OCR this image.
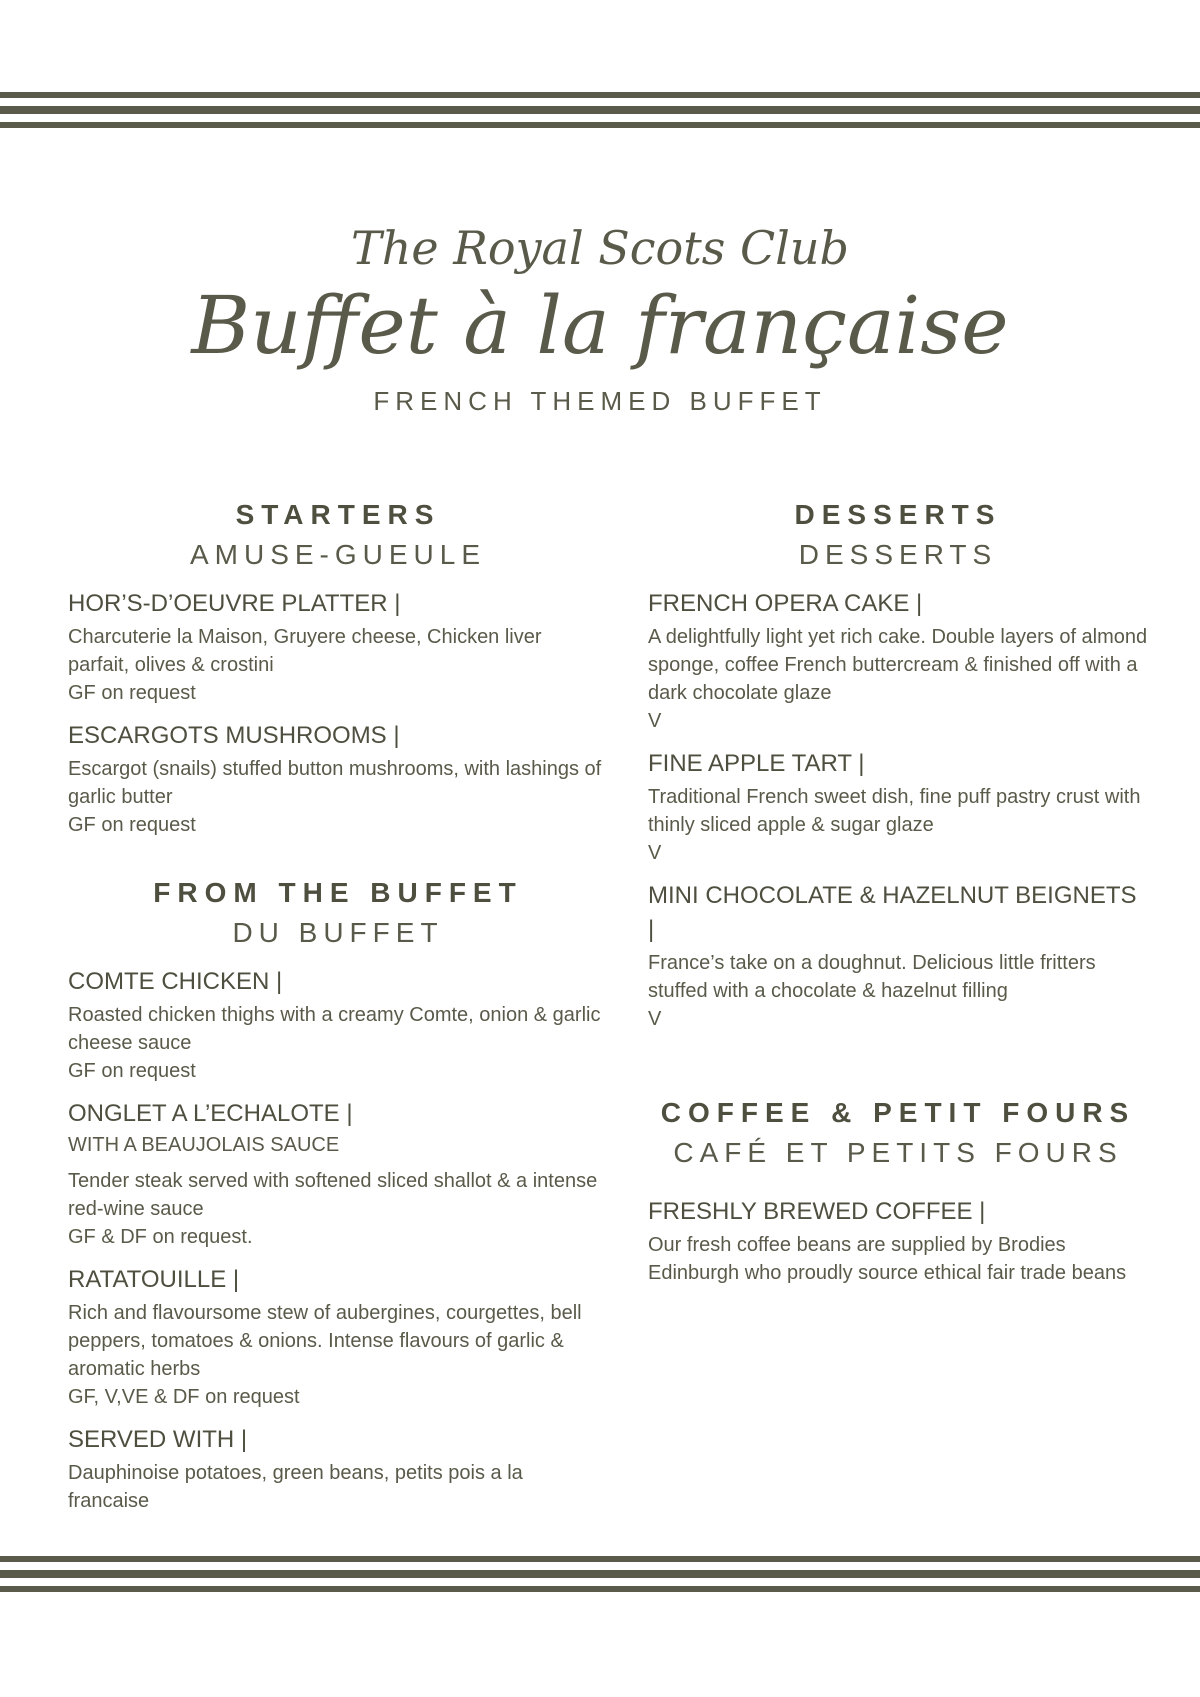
The Royal Scots Club
Buffet à la française
FRENCH THEMED BUFFET
STARTERS
AMUSE-GUEULE
HOR’S-D’OEUVRE PLATTER |
Charcuterie la Maison, Gruyere cheese, Chicken liver parfait, olives & crostini
GF on request
ESCARGOTS MUSHROOMS |
Escargot (snails) stuffed button mushrooms, with lashings of garlic butter
GF on request
FROM THE BUFFET
DU BUFFET
COMTE CHICKEN |
Roasted chicken thighs with a creamy Comte, onion & garlic cheese sauce
GF on request
ONGLET A L’ECHALOTE |
WITH A BEAUJOLAIS SAUCE
Tender steak served with softened sliced shallot & a intense red-wine sauce
GF & DF on request.
RATATOUILLE |
Rich and flavoursome stew of aubergines, courgettes, bell peppers, tomatoes & onions. Intense flavours of garlic & aromatic herbs
GF, V,VE & DF on request
SERVED WITH |
Dauphinoise potatoes, green beans, petits pois a la francaise
DESSERTS
DESSERTS
FRENCH OPERA CAKE |
A delightfully light yet rich cake. Double layers of almond sponge, coffee French buttercream & finished off with a dark chocolate glaze
V
FINE APPLE TART |
Traditional French sweet dish, fine puff pastry crust with thinly sliced apple & sugar glaze
V
MINI CHOCOLATE & HAZELNUT BEIGNETS |
France’s take on a doughnut. Delicious little fritters stuffed with a chocolate & hazelnut filling
V
COFFEE & PETIT FOURS
CAFÉ ET PETITS FOURS
FRESHLY BREWED COFFEE |
Our fresh coffee beans are supplied by Brodies Edinburgh who proudly source ethical fair trade beans
